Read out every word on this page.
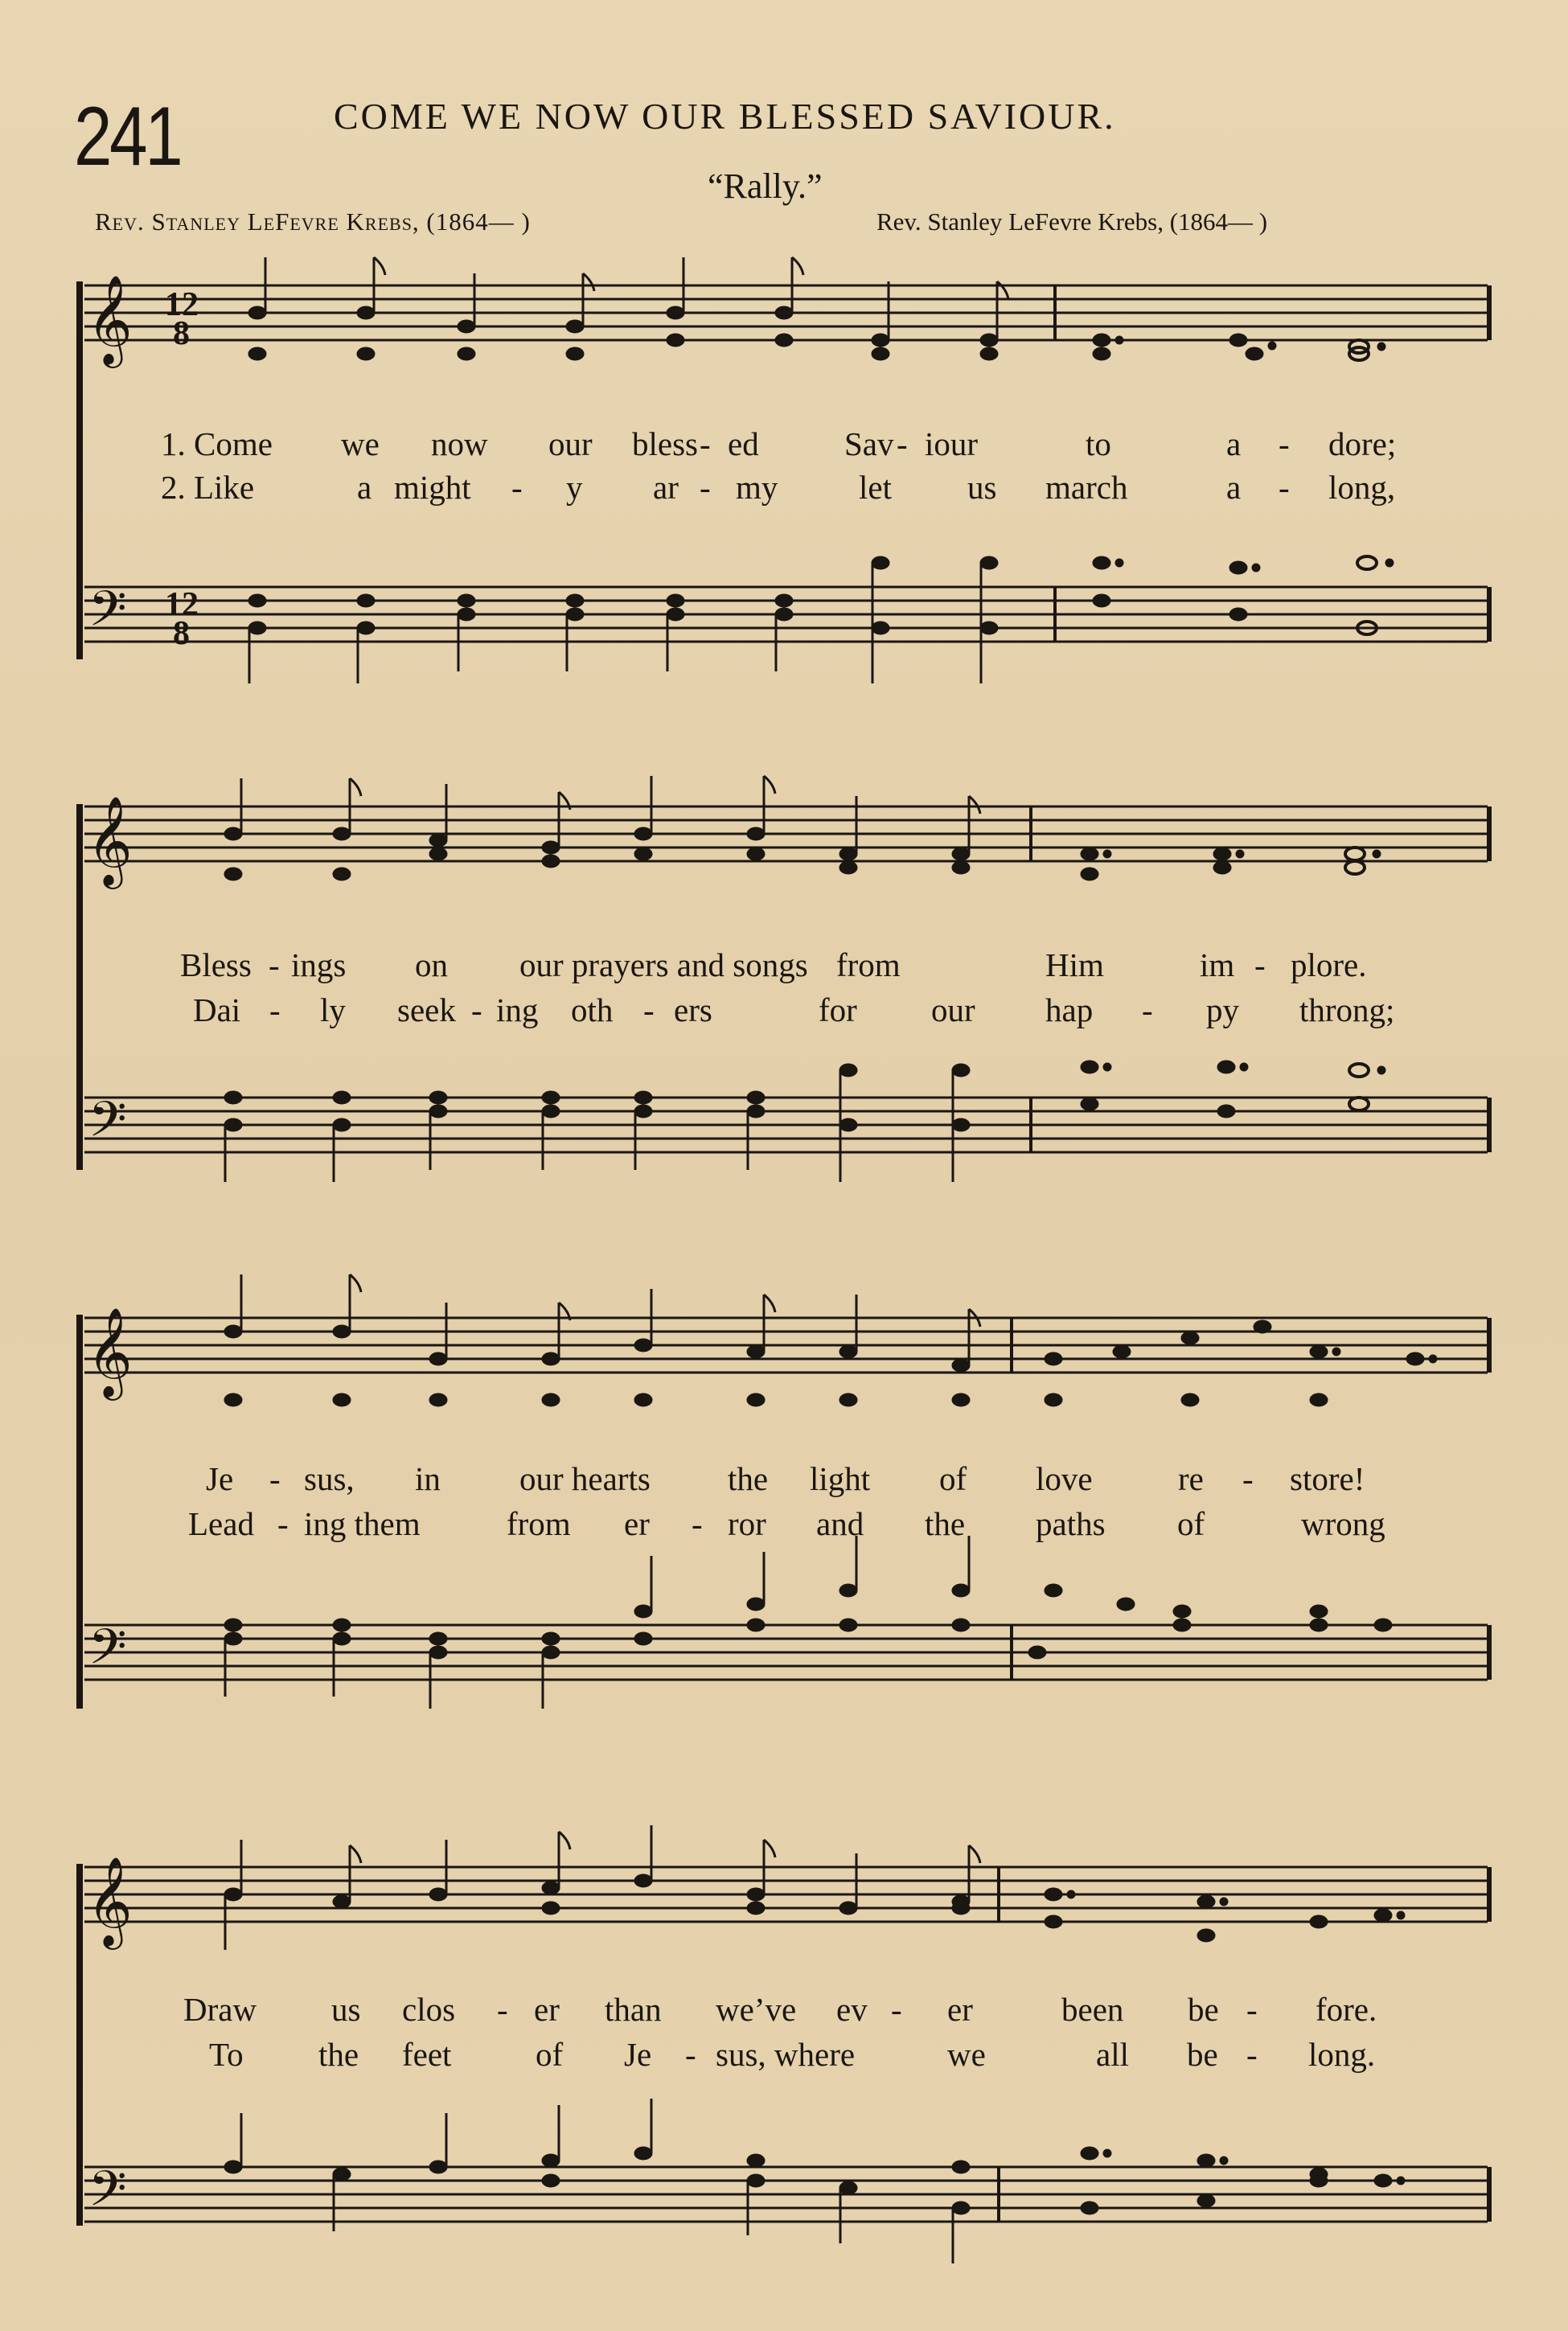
241	COME WE NOW OUR BLESSED SAVIOUR.
“Rally.”
Rev. Stanley LeFevre Krebs, (1864— )	Rev. Stanley LeFevre Krebs, (1864— )
𝄞
𝄢
12
8
12
8
1. Come we now our bless - ed	Sav - iour	to	a - dore;
2. Like	a might - y ar - my let us march	a - long,
𝄞
𝄢
Bless - ings on our prayers and songs from	Him	im - plore.
Dai - ly seek - ing oth - ers	for our hap - py throng;
𝄞
𝄢
Je - sus, in our hearts the light of love	re - store!
Lead - ing them	from er - ror and the paths of	wrong
𝄞
𝄢
Draw us clos - er than we’ve ev - er	been be - fore.
To the feet	of Je - sus, where	we	all be - long.
